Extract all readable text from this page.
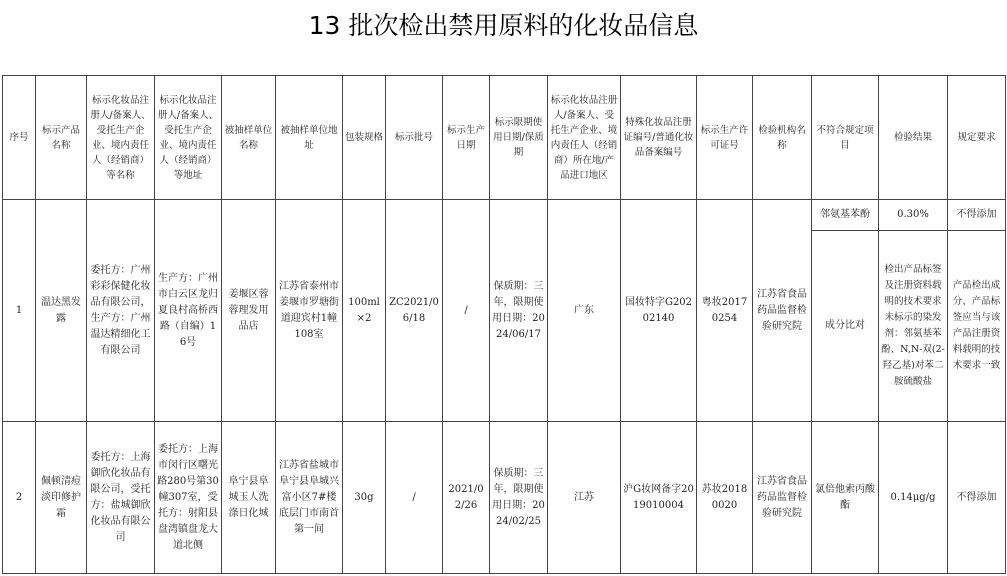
13 批次检出禁用原料的化妆品信息
序号	标示产品名称	标示化妆品注册人/备案人、受托生产企业、境内责任人（经销商）等名称	标示化妆品注册人/备案人、受托生产企业、境内责任人（经销商）等地址	被抽样单位名称	被抽样单位地址	包装规格	标示批号	标示生产日期	标示限期使用日期/保质期	标示化妆品注册人/备案人、受托生产企业、境内责任人（经销商）所在地/产品进口地区	特殊化妆品注册证编号/普通化妆品备案编号	标示生产许可证号	检验机构名称	不符合规定项目	检验结果	规定要求
1	温达黑发露	委托方：广州彩彩保健化妆品有限公司，生产方：广州温达精细化工有限公司	生产方：广州市白云区龙归夏良村高桥西路（自编）16号	姜堰区蓉蓉理发用品店	江苏省泰州市姜堰市罗塘街道迎宾村1幢108室	100ml×2	ZC2021/06/18	/	保质期：三年，限期使用日期：2024/06/17	广东	国妆特字G20202140	粤妆20170254	江苏省食品药品监督检验研究院	邻氨基苯酚	0.30%	不得添加
														成分比对	检出产品标签及注册资料载明的技术要求未标示的染发剂：邻氨基苯酚、N,N-双(2-羟乙基)对苯二胺硫酸盐	产品检出成分、产品标签应当与该产品注册资料载明的技术要求一致
2	佩顿清痘淡印修护霜	委托方：上海御欣化妆品有限公司，受托方：盐城御欣化妆品有限公司	委托方：上海市闵行区曙光路280号第30幢307室，受托方：射阳县盘湾镇盘龙大道北侧	阜宁县阜城玉人洗涤日化城	江苏省盐城市阜宁县阜城兴富小区7#楼底层门市南首第一间	30g	/	2021/02/26	保质期：三年，限期使用日期：2024/02/25	江苏	沪G妆网备字2019010004	苏妆20180020	江苏省食品药品监督检验研究院	氯倍他索丙酸酯	0.14μg/g	不得添加
